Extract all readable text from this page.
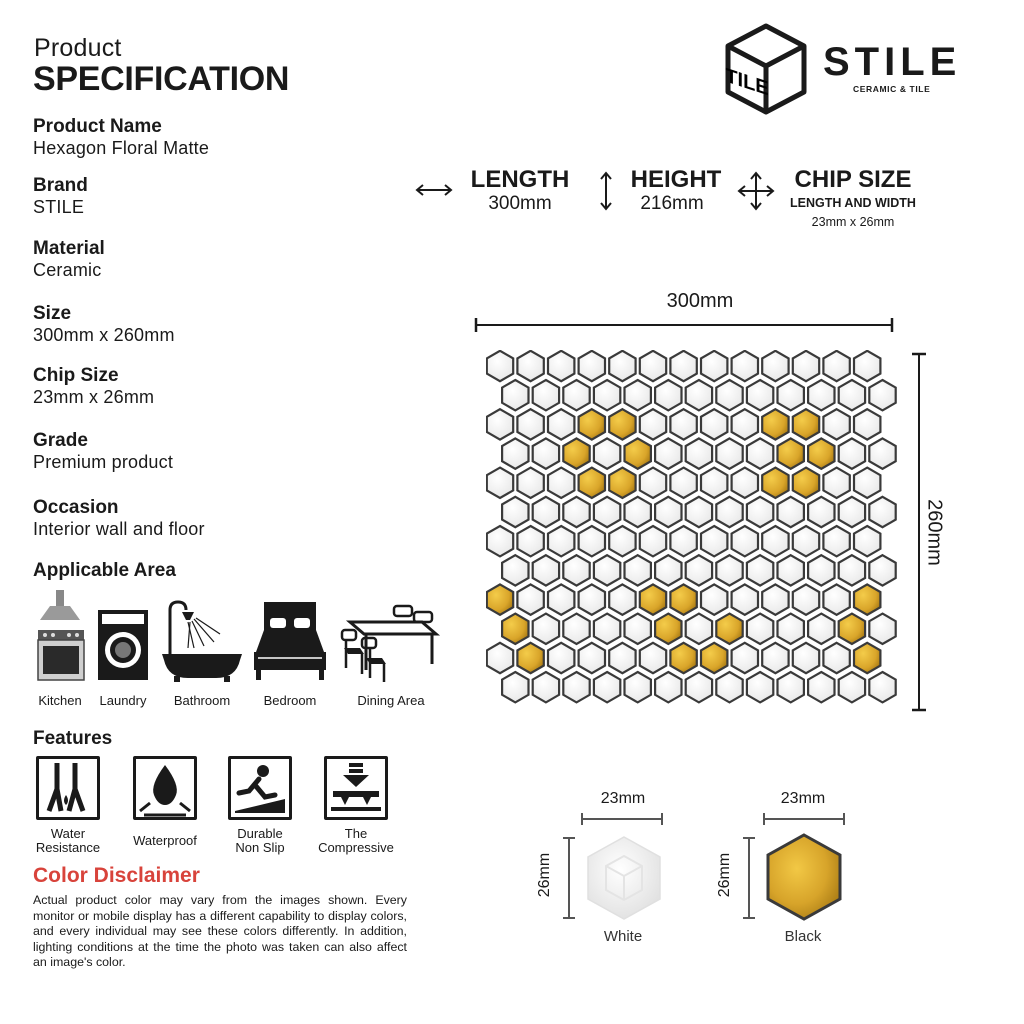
Product
SPECIFICATION	TILE STILE
CERAMIC & TILE
Product Name
Hexagon Floral Matte
Brand
STILE
Material
Ceramic
Size
300mm x 260mm
Chip Size
23mm x 26mm
Grade
Premium product
Occasion
Interior wall and floor
Applicable Area
Kitchen	Laundry	Bathroom	Bedroom	Dining Area
Features
Water
Resistance	Waterproof	Durable
Non Slip
The
Compressive
Color Disclaimer
Actual product color may vary from the images shown. Every monitor or mobile display has a different capability to display colors, and every individual may see these colors differently. In addition, lighting conditions at the time the photo was taken can also affect an image's color.
LENGTH
300mm
HEIGHT
216mm
CHIP SIZE
LENGTH AND WIDTH
23mm x 26mm
300mm
260mm
23mm
26mm
White
23mm
26mm
Black
